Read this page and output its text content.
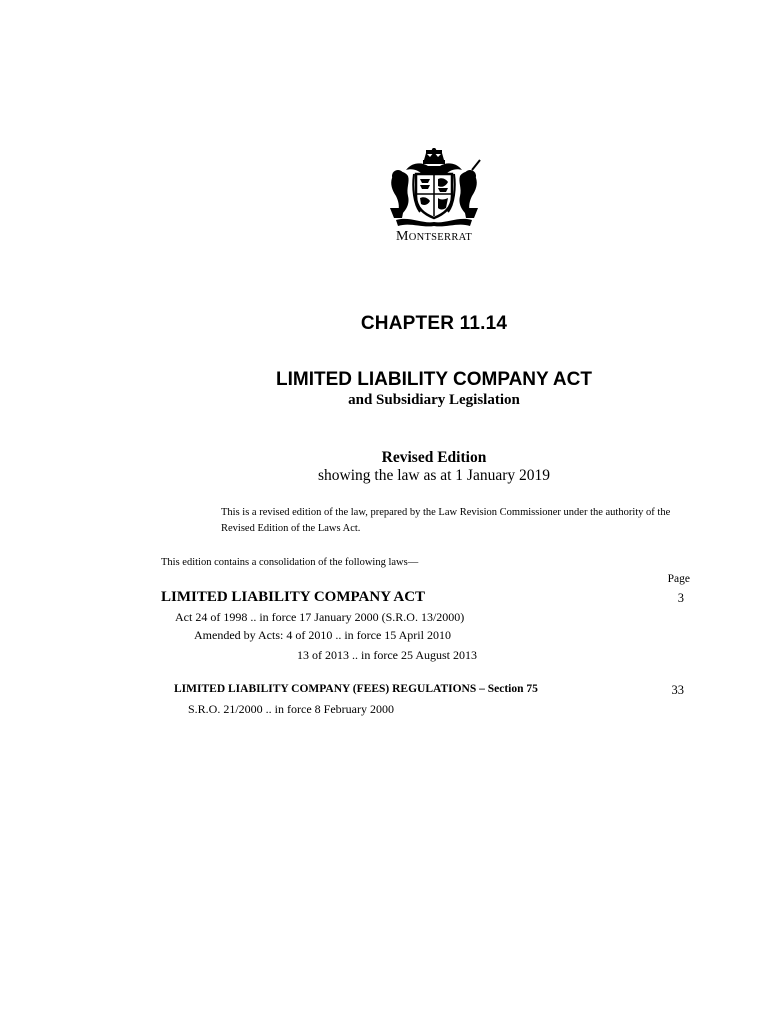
MONTSERRAT
CHAPTER 11.14
LIMITED LIABILITY COMPANY ACT
and Subsidiary Legislation
Revised Edition
showing the law as at 1 January 2019
This is a revised edition of the law, prepared by the Law Revision Commissioner under the authority of the Revised Edition of the Laws Act.
This edition contains a consolidation of the following laws—
Page
LIMITED LIABILITY COMPANY ACT	3
Act 24 of 1998 .. in force 17 January 2000 (S.R.O. 13/2000)
Amended by Acts: 4 of 2010 .. in force 15 April 2010
13 of 2013 .. in force 25 August 2013
LIMITED LIABILITY COMPANY (FEES) REGULATIONS – Section 75	33
S.R.O. 21/2000 .. in force 8 February 2000
